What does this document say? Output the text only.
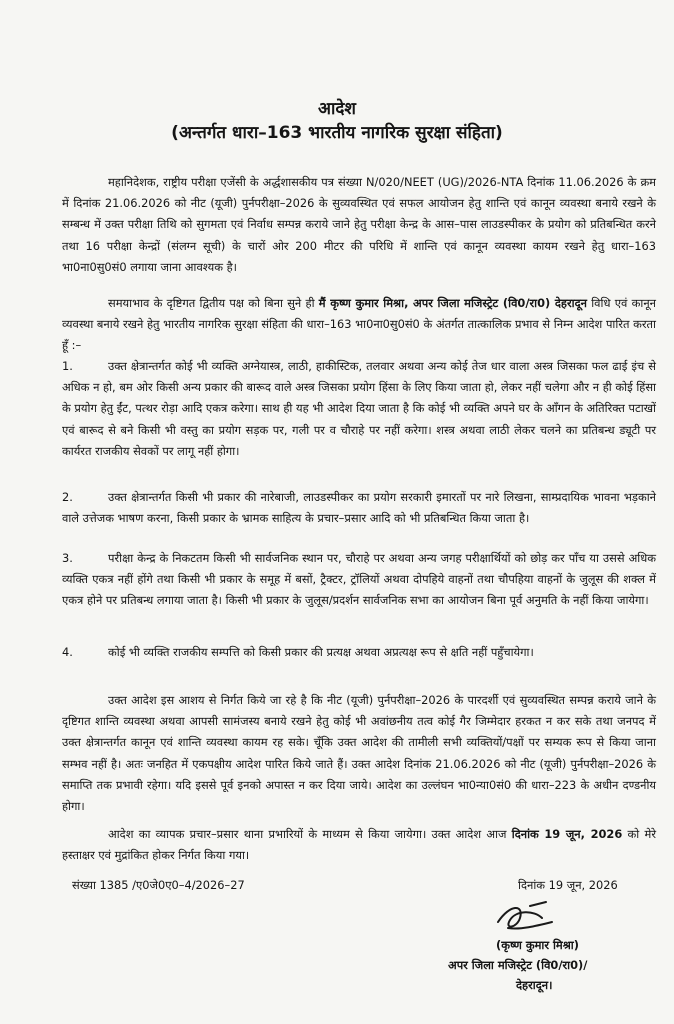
आदेश
(अन्तर्गत धारा–163 भारतीय नागरिक सुरक्षा संहिता)
महानिदेशक, राष्ट्रीय परीक्षा एजेंसी के अर्द्धशासकीय पत्र संख्या N/020/NEET (UG)/2026-NTA दिनांक 11.06.2026 के क्रम में दिनांक 21.06.2026 को नीट (यूजी) पुर्नपरीक्षा–2026 के सुव्यवस्थित एवं सफल आयोजन हेतु शान्ति एवं कानून व्यवस्था बनाये रखने के सम्बन्ध में उक्त परीक्षा तिथि को सुगमता एवं निर्वाध सम्पन्न कराये जाने हेतु परीक्षा केन्द्र के आस–पास लाउडस्पीकर के प्रयोग को प्रतिबन्धित करने तथा 16 परीक्षा केन्द्रों (संलग्न सूची) के चारों ओर 200 मीटर की परिधि में शान्ति एवं कानून व्यवस्था कायम रखने हेतु धारा–163 भा0ना0सु0सं0 लगाया जाना आवश्यक है।
समयाभाव के दृष्टिगत द्वितीय पक्ष को बिना सुने ही मैं कृष्ण कुमार मिश्रा, अपर जिला मजिस्ट्रेट (वि0/रा0) देहरादून विधि एवं कानून व्यवस्था बनाये रखने हेतु भारतीय नागरिक सुरक्षा संहिता की धारा–163 भा0ना0सु0सं0 के अंतर्गत तात्कालिक प्रभाव से निम्न आदेश पारित करता हूँ :–
1.	उक्त क्षेत्रान्तर्गत कोई भी व्यक्ति अग्नेयास्त्र, लाठी, हाकीस्टिक, तलवार अथवा अन्य कोई तेज धार वाला अस्त्र जिसका फल ढाई इंच से अधिक न हो, बम ओर किसी अन्य प्रकार की बारूद वाले अस्त्र जिसका प्रयोग हिंसा के लिए किया जाता हो, लेकर नहीं चलेगा और न ही कोई हिंसा के प्रयोग हेतु ईंट, पत्थर रोड़ा आदि एकत्र करेगा। साथ ही यह भी आदेश दिया जाता है कि कोई भी व्यक्ति अपने घर के आँगन के अतिरिक्त पटाखों एवं बारूद से बने किसी भी वस्तु का प्रयोग सड़क पर, गली पर व चौराहे पर नहीं करेगा। शस्त्र अथवा लाठी लेकर चलने का प्रतिबन्ध ड्यूटी पर कार्यरत राजकीय सेवकों पर लागू नहीं होगा।
2.	उक्त क्षेत्रान्तर्गत किसी भी प्रकार की नारेबाजी, लाउडस्पीकर का प्रयोग सरकारी इमारतों पर नारे लिखना, साम्प्रदायिक भावना भड़काने वाले उत्तेजक भाषण करना, किसी प्रकार के भ्रामक साहित्य के प्रचार–प्रसार आदि को भी प्रतिबन्धित किया जाता है।
3.	परीक्षा केन्द्र के निकटतम किसी भी सार्वजनिक स्थान पर, चौराहे पर अथवा अन्य जगह परीक्षार्थियों को छोड़ कर पाँच या उससे अधिक व्यक्ति एकत्र नहीं होंगे तथा किसी भी प्रकार के समूह में बसों, ट्रैक्टर, ट्रॉलियों अथवा दोपहिये वाहनों तथा चौपहिया वाहनों के जुलूस की शक्ल में एकत्र होने पर प्रतिबन्ध लगाया जाता है। किसी भी प्रकार के जुलूस/प्रदर्शन सार्वजनिक सभा का आयोजन बिना पूर्व अनुमति के नहीं किया जायेगा।
4.	कोई भी व्यक्ति राजकीय सम्पत्ति को किसी प्रकार की प्रत्यक्ष अथवा अप्रत्यक्ष रूप से क्षति नहीं पहुँचायेगा।
उक्त आदेश इस आशय से निर्गत किये जा रहे है कि नीट (यूजी) पुर्नपरीक्षा–2026 के पारदर्शी एवं सुव्यवस्थित सम्पन्न कराये जाने के दृष्टिगत शान्ति व्यवस्था अथवा आपसी सामंजस्य बनाये रखने हेतु कोई भी अवांछनीय तत्व कोई गैर जिम्मेदार हरकत न कर सके तथा जनपद में उक्त क्षेत्रान्तर्गत कानून एवं शान्ति व्यवस्था कायम रह सके। चूँकि उक्त आदेश की तामीली सभी व्यक्तियों/पक्षों पर सम्यक रूप से किया जाना सम्भव नहीं है। अतः जनहित में एकपक्षीय आदेश पारित किये जाते हैं। उक्त आदेश दिनांक 21.06.2026 को नीट (यूजी) पुर्नपरीक्षा–2026 के समाप्ति तक प्रभावी रहेगा। यदि इससे पूर्व इनको अपास्त न कर दिया जाये। आदेश का उल्लंघन भा0न्या0सं0 की धारा–223 के अधीन दण्डनीय होगा।
आदेश का व्यापक प्रचार–प्रसार थाना प्रभारियों के माध्यम से किया जायेगा। उक्त आदेश आज दिनांक 19 जून, 2026 को मेरे हस्ताक्षर एवं मुद्रांकित होकर निर्गत किया गया।
संख्या 1385 /ए0जे0ए0–4/2026–27	दिनांक 19 जून, 2026
(कृष्ण कुमार मिश्रा)
अपर जिला मजिस्ट्रेट (वि0/रा0)/
देहरादून।
